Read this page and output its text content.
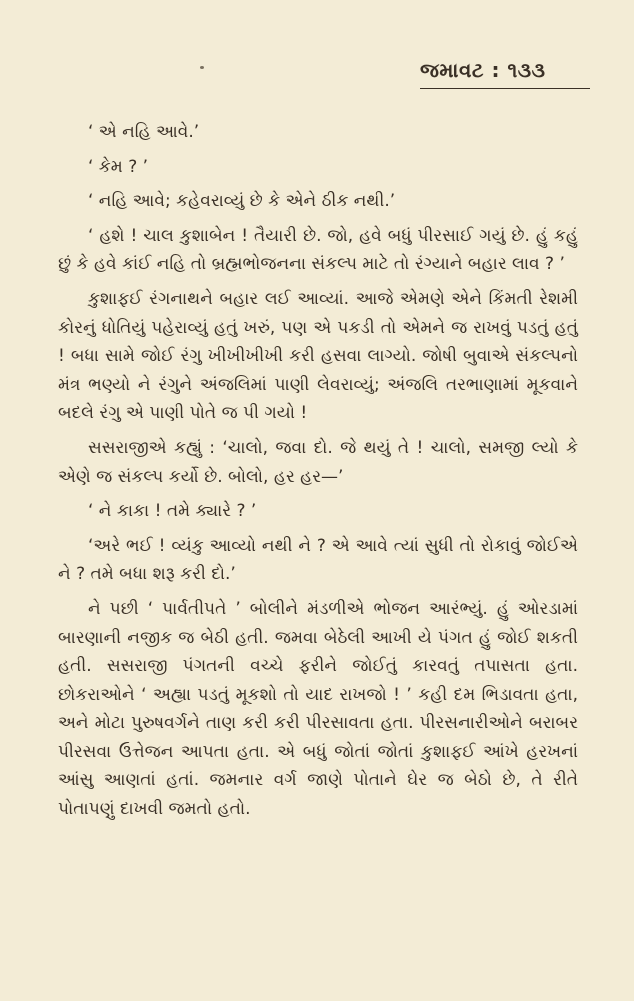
જમાવટ : ૧૩૩

‘ એ નહિ આવે.’

‘ કેમ ? ’

‘ નહિ આવે; કહેવરાવ્યું છે કે એને ઠીક નથી.’

‘ હશે ! ચાલ કુશાબેન ! તૈયારી છે. જો, હવે બધું પીરસાઈ ગયું છે. હું કહું છું કે હવે કાંઈ નહિ તો બ્રહ્મભોજનના સંકલ્પ માટે તો રંગ્યાને બહાર લાવ ? ’

કુશાફઈ રંગનાથને બહાર લઈ આવ્યાં. આજે એમણે એને કિંમતી રેશમી કોરનું ધોતિયું પહેરાવ્યું હતું ખરું, પણ એ પકડી તો એમને જ રાખવું પડતું હતું ! બધા સામે જોઈ રંગુ ખીખીખીખી કરી હસવા લાગ્યો. જોષી બુવાએ સંકલ્પનો મંત્ર ભણ્યો ને રંગુને અંજલિમાં પાણી લેવરાવ્યું; અંજલિ તરભાણામાં મૂકવાને બદલે રંગુ એ પાણી પોતે જ પી ગયો !

સસરાજીએ કહ્યું : ‘ચાલો, જવા દો. જે થયું તે ! ચાલો, સમજી લ્યો કે એણે જ સંકલ્પ કર્યો છે. બોલો, હર હર—’

‘ ને કાકા ! તમે ક્યારે ? ’

‘અરે ભઈ ! વ્યંકુ આવ્યો નથી ને ? એ આવે ત્યાં સુધી તો રોકાવું જોઈએ ને ? તમે બધા શરૂ કરી દો.’

ને પછી ‘ પાર્વતીપતે ’ બોલીને મંડળીએ ભોજન આરંભ્યું. હું ઓરડામાં બારણાની નજીક જ બેઠી હતી. જમવા બેઠેલી આખી યે પંગત હું જોઈ શકતી હતી. સસરાજી પંગતની વચ્ચે ફરીને જોઈતું કારવતું તપાસતા હતા. છોકરાઓને ‘ અહ્યા પડતું મૂકશો તો યાદ રાખજો ! ’ કહી દમ ભિડાવતા હતા, અને મોટા પુરુષવર્ગને તાણ કરી કરી પીરસાવતા હતા. પીરસનારીઓને બરાબર પીરસવા ઉત્તેજન આપતા હતા. એ બધું જોતાં જોતાં કુશાફઈ આંખે હરખનાં આંસુ આણતાં હતાં. જમનાર વર્ગ જાણે પોતાને ઘેર જ બેઠો છે, તે રીતે પોતાપણું દાખવી જમતો હતો.
